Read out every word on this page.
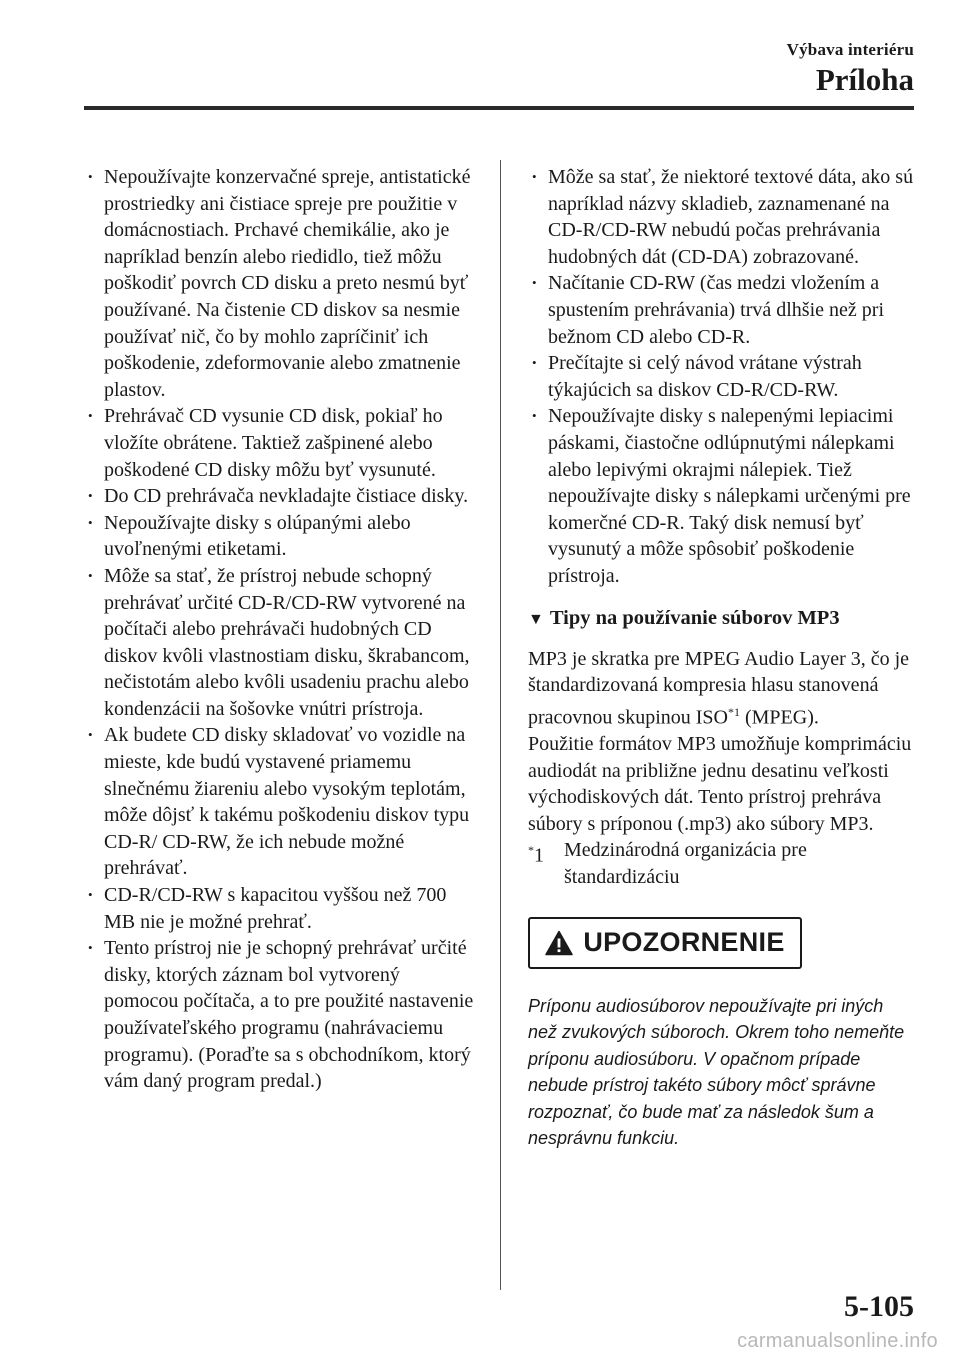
Výbava interiéru
Príloha
• Nepoužívajte konzervačné spreje, antistatické prostriedky ani čistiace spreje pre použitie v domácnostiach. Prchavé chemikálie, ako je napríklad benzín alebo riedidlo, tiež môžu poškodiť povrch CD disku a preto nesmú byť používané. Na čistenie CD diskov sa nesmie používať nič, čo by mohlo zapríčiniť ich poškodenie, zdeformovanie alebo zmatnenie plastov.
• Prehrávač CD vysunie CD disk, pokiaľ ho vložíte obrátene. Taktiež zašpinené alebo poškodené CD disky môžu byť vysunuté.
• Do CD prehrávača nevkladajte čistiace disky.
• Nepoužívajte disky s olúpanými alebo uvoľnenými etiketami.
• Môže sa stať, že prístroj nebude schopný prehrávať určité CD-R/CD-RW vytvorené na počítači alebo prehrávači hudobných CD diskov kvôli vlastnostiam disku, škrabancom, nečistotám alebo kvôli usadeniu prachu alebo kondenzácii na šošovke vnútri prístroja.
• Ak budete CD disky skladovať vo vozidle na mieste, kde budú vystavené priamemu slnečnému žiareniu alebo vysokým teplotám, môže dôjsť k takému poškodeniu diskov typu CD-R/ CD-RW, že ich nebude možné prehrávať.
• CD-R/CD-RW s kapacitou vyššou než 700 MB nie je možné prehrať.
• Tento prístroj nie je schopný prehrávať určité disky, ktorých záznam bol vytvorený pomocou počítača, a to pre použité nastavenie používateľského programu (nahrávaciemu programu). (Poraďte sa s obchodníkom, ktorý vám daný program predal.)
• Môže sa stať, že niektoré textové dáta, ako sú napríklad názvy skladieb, zaznamenané na CD-R/CD-RW nebudú počas prehrávania hudobných dát (CD-DA) zobrazované.
• Načítanie CD-RW (čas medzi vložením a spustením prehrávania) trvá dlhšie než pri bežnom CD alebo CD-R.
• Prečítajte si celý návod vrátane výstrah týkajúcich sa diskov CD-R/CD-RW.
• Nepoužívajte disky s nalepenými lepiacimi páskami, čiastočne odlúpnutými nálepkami alebo lepivými okrajmi nálepiek. Tiež nepoužívajte disky s nálepkami určenými pre komerčné CD-R. Taký disk nemusí byť vysunutý a môže spôsobiť poškodenie prístroja.
▼ Tipy na používanie súborov MP3

MP3 je skratka pre MPEG Audio Layer 3, čo je štandardizovaná kompresia hlasu stanovená pracovnou skupinou ISO$^{*1}$ (MPEG).

Použitie formátov MP3 umožňuje komprimáciu audiodát na približne jednu desatinu veľkosti východiskových dát. Tento prístroj prehráva súbory s príponou (.mp3) ako súbory MP3.

*1 Medzinárodná organizácia pre štandardizáciu

UPOZORNENIE
Príponu audiosúborov nepoužívajte pri iných než zvukových súboroch. Okrem toho nemeňte príponu audiosúboru. V opačnom prípade nebude prístroj takéto súbory môcť správne rozpoznať, čo bude mať za následok šum a nesprávnu funkciu.
5-105
carmanualsonline.info
